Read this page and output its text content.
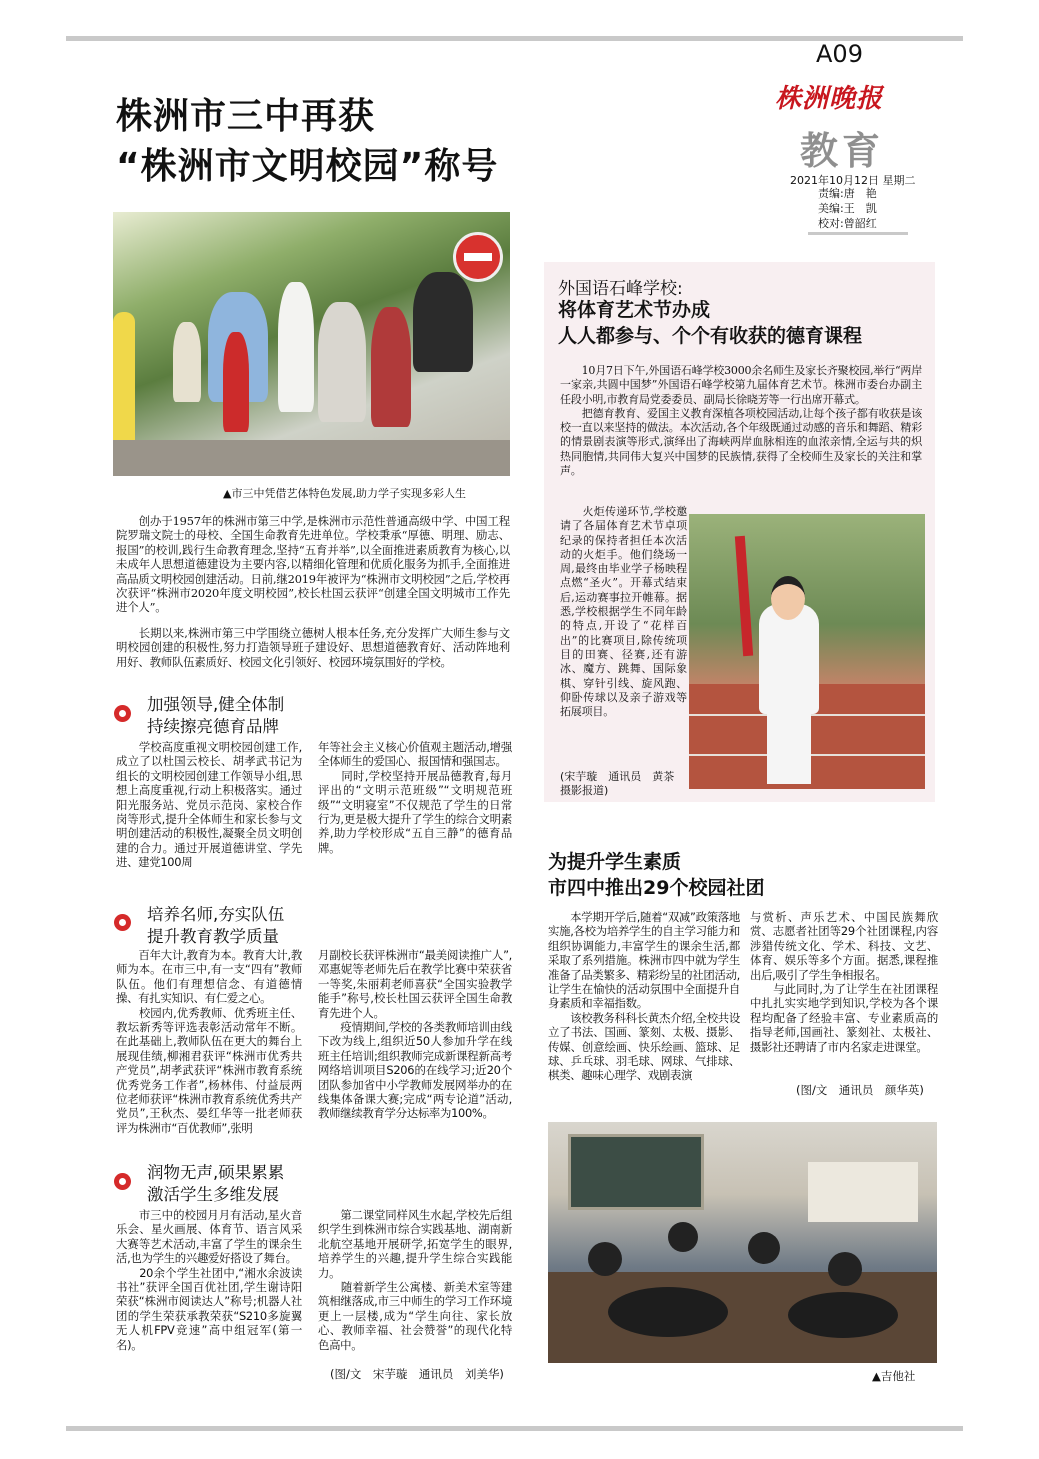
A09
株洲晚报
教育
2021年10月12日 星期二
责编:唐　艳
美编:王　凯
校对:曾韶红
株洲市三中再获
“株洲市文明校园”称号
▲市三中凭借艺体特色发展,助力学子实现多彩人生
　　创办于1957年的株洲市第三中学,是株洲市示范性普通高级中学、中国工程院罗瑞文院士的母校、全国生命教育先进单位。学校秉承“厚德、明理、励志、报国”的校训,践行生命教育理念,坚持“五育并举”,以全面推进素质教育为核心,以未成年人思想道德建设为主要内容,以精细化管理和优质化服务为抓手,全面推进高品质文明校园创建活动。日前,继2019年被评为“株洲市文明校园”之后,学校再次获评“株洲市2020年度文明校园”,校长杜国云获评“创建全国文明城市工作先进个人”。
　　长期以来,株洲市第三中学围绕立德树人根本任务,充分发挥广大师生参与文明校园创建的积极性,努力打造领导班子建设好、思想道德教育好、活动阵地利用好、教师队伍素质好、校园文化引领好、校园环境氛围好的学校。
加强领导,健全体制
持续擦亮德育品牌
　　学校高度重视文明校园创建工作,成立了以杜国云校长、胡孝武书记为组长的文明校园创建工作领导小组,思想上高度重视,行动上积极落实。通过阳光服务站、党员示范岗、家校合作岗等形式,提升全体师生和家长参与文明创建活动的积极性,凝聚全员文明创建的合力。通过开展道德讲堂、学先进、建党100周
年等社会主义核心价值观主题活动,增强全体师生的爱国心、报国情和强国志。
　　同时,学校坚持开展品德教育,每月评出的“文明示范班级”“文明规范班级”“文明寝室”不仅规范了学生的日常行为,更是极大提升了学生的综合文明素养,助力学校形成“五自三静”的德育品牌。
培养名师,夯实队伍
提升教育教学质量
　　百年大计,教育为本。教育大计,教师为本。在市三中,有一支“四有”教师队伍。他们有理想信念、有道德情操、有扎实知识、有仁爱之心。
　　校园内,优秀教师、优秀班主任、教坛新秀等评选表彰活动常年不断。在此基础上,教师队伍在更大的舞台上展现佳绩,柳湘君获评“株洲市优秀共产党员”,胡孝武获评“株洲市教育系统优秀党务工作者”,杨林伟、付益辰两位老师获评“株洲市教育系统优秀共产党员”,王秋杰、晏红华等一批老师获评为株洲市“百优教师”,张明
月副校长获评株洲市“最美阅读推广人”,邓惠妮等老师先后在教学比赛中荣获省一等奖,朱丽莉老师喜获“全国实验教学能手”称号,校长杜国云获评全国生命教育先进个人。
　　疫情期间,学校的各类教师培训由线下改为线上,组织近50人参加升学在线班主任培训;组织教师完成新课程新高考网络培训项目S206的在线学习;近20个团队参加省中小学教师发展网举办的在线集体备课大赛;完成“两专论道”活动,教师继续教育学分达标率为100%。
润物无声,硕果累累
激活学生多维发展
　　市三中的校园月月有活动,星火音乐会、星火画展、体育节、语言风采大赛等艺术活动,丰富了学生的课余生活,也为学生的兴趣爱好搭设了舞台。
　　20余个学生社团中,“湘水余波读书社”获评全国百优社团,学生谢诗阳荣获“株洲市阅读达人”称号;机器人社团的学生荣获承教荣获“S210多旋翼无人机FPV竞速”高中组冠军(第一名)。
　　第二课堂同样风生水起,学校先后组织学生到株洲市综合实践基地、湖南新北航空基地开展研学,拓宽学生的眼界,培养学生的兴趣,提升学生综合实践能力。
　　随着新学生公寓楼、新美术室等建筑相继落成,市三中师生的学习工作环境更上一层楼,成为“学生向往、家长放心、教师幸福、社会赞誉”的现代化特色高中。
(图/文　宋芋璇　通讯员　刘美华)
外国语石峰学校:
将体育艺术节办成
人人都参与、个个有收获的德育课程
　　10月7日下午,外国语石峰学校3000余名师生及家长齐聚校园,举行“两岸一家亲,共圆中国梦”外国语石峰学校第九届体育艺术节。株洲市委台办副主任段小明,市教育局党委委员、副局长徐晓芳等一行出席开幕式。
　　把德育教育、爱国主义教育深植各项校园活动,让每个孩子都有收获是该校一直以来坚持的做法。本次活动,各个年级既通过动感的音乐和舞蹈、精彩的情景剧表演等形式,演绎出了海峡两岸血脉相连的血浓亲情,全运与共的炽热同胞情,共同伟大复兴中国梦的民族情,获得了全校师生及家长的关注和掌声。
　　火炬传递环节,学校邀请了各届体育艺术节卓项纪录的保持者担任本次活动的火炬手。他们绕场一周,最终由毕业学子杨映程点燃“圣火”。开幕式结束后,运动赛事拉开帷幕。据悉,学校根据学生不同年龄的特点,开设了“花样百出”的比赛项目,除传统项目的田赛、径赛,还有游冰、魔方、跳舞、国际象棋、穿针引线、旋风跑、仰卧传球以及亲子游戏等拓展项目。
(宋芋璇　通讯员　黄茶　摄影报道)
为提升学生素质
市四中推出29个校园社团
　　本学期开学后,随着“双减”政策落地实施,各校为培养学生的自主学习能力和组织协调能力,丰富学生的课余生活,都采取了系列措施。株洲市四中就为学生准备了品类繁多、精彩纷呈的社团活动,让学生在愉快的活动氛围中全面提升自身素质和幸福指数。
　　该校教务科科长黄杰介绍,全校共设立了书法、国画、篆刻、太极、摄影、传媒、创意绘画、快乐绘画、篮球、足球、乒乓球、羽毛球、网球、气排球、棋类、趣味心理学、戏剧表演
与赏析、声乐艺术、中国民族舞欣赏、志愿者社团等29个社团课程,内容涉猎传统文化、学术、科技、文艺、体育、娱乐等多个方面。据悉,课程推出后,吸引了学生争相报名。
　　与此同时,为了让学生在社团课程中扎扎实实地学到知识,学校为各个课程均配备了经验丰富、专业素质高的指导老师,国画社、篆刻社、太极社、摄影社还聘请了市内名家走进课堂。
(图/文　通讯员　颜华英)
▲吉他社
